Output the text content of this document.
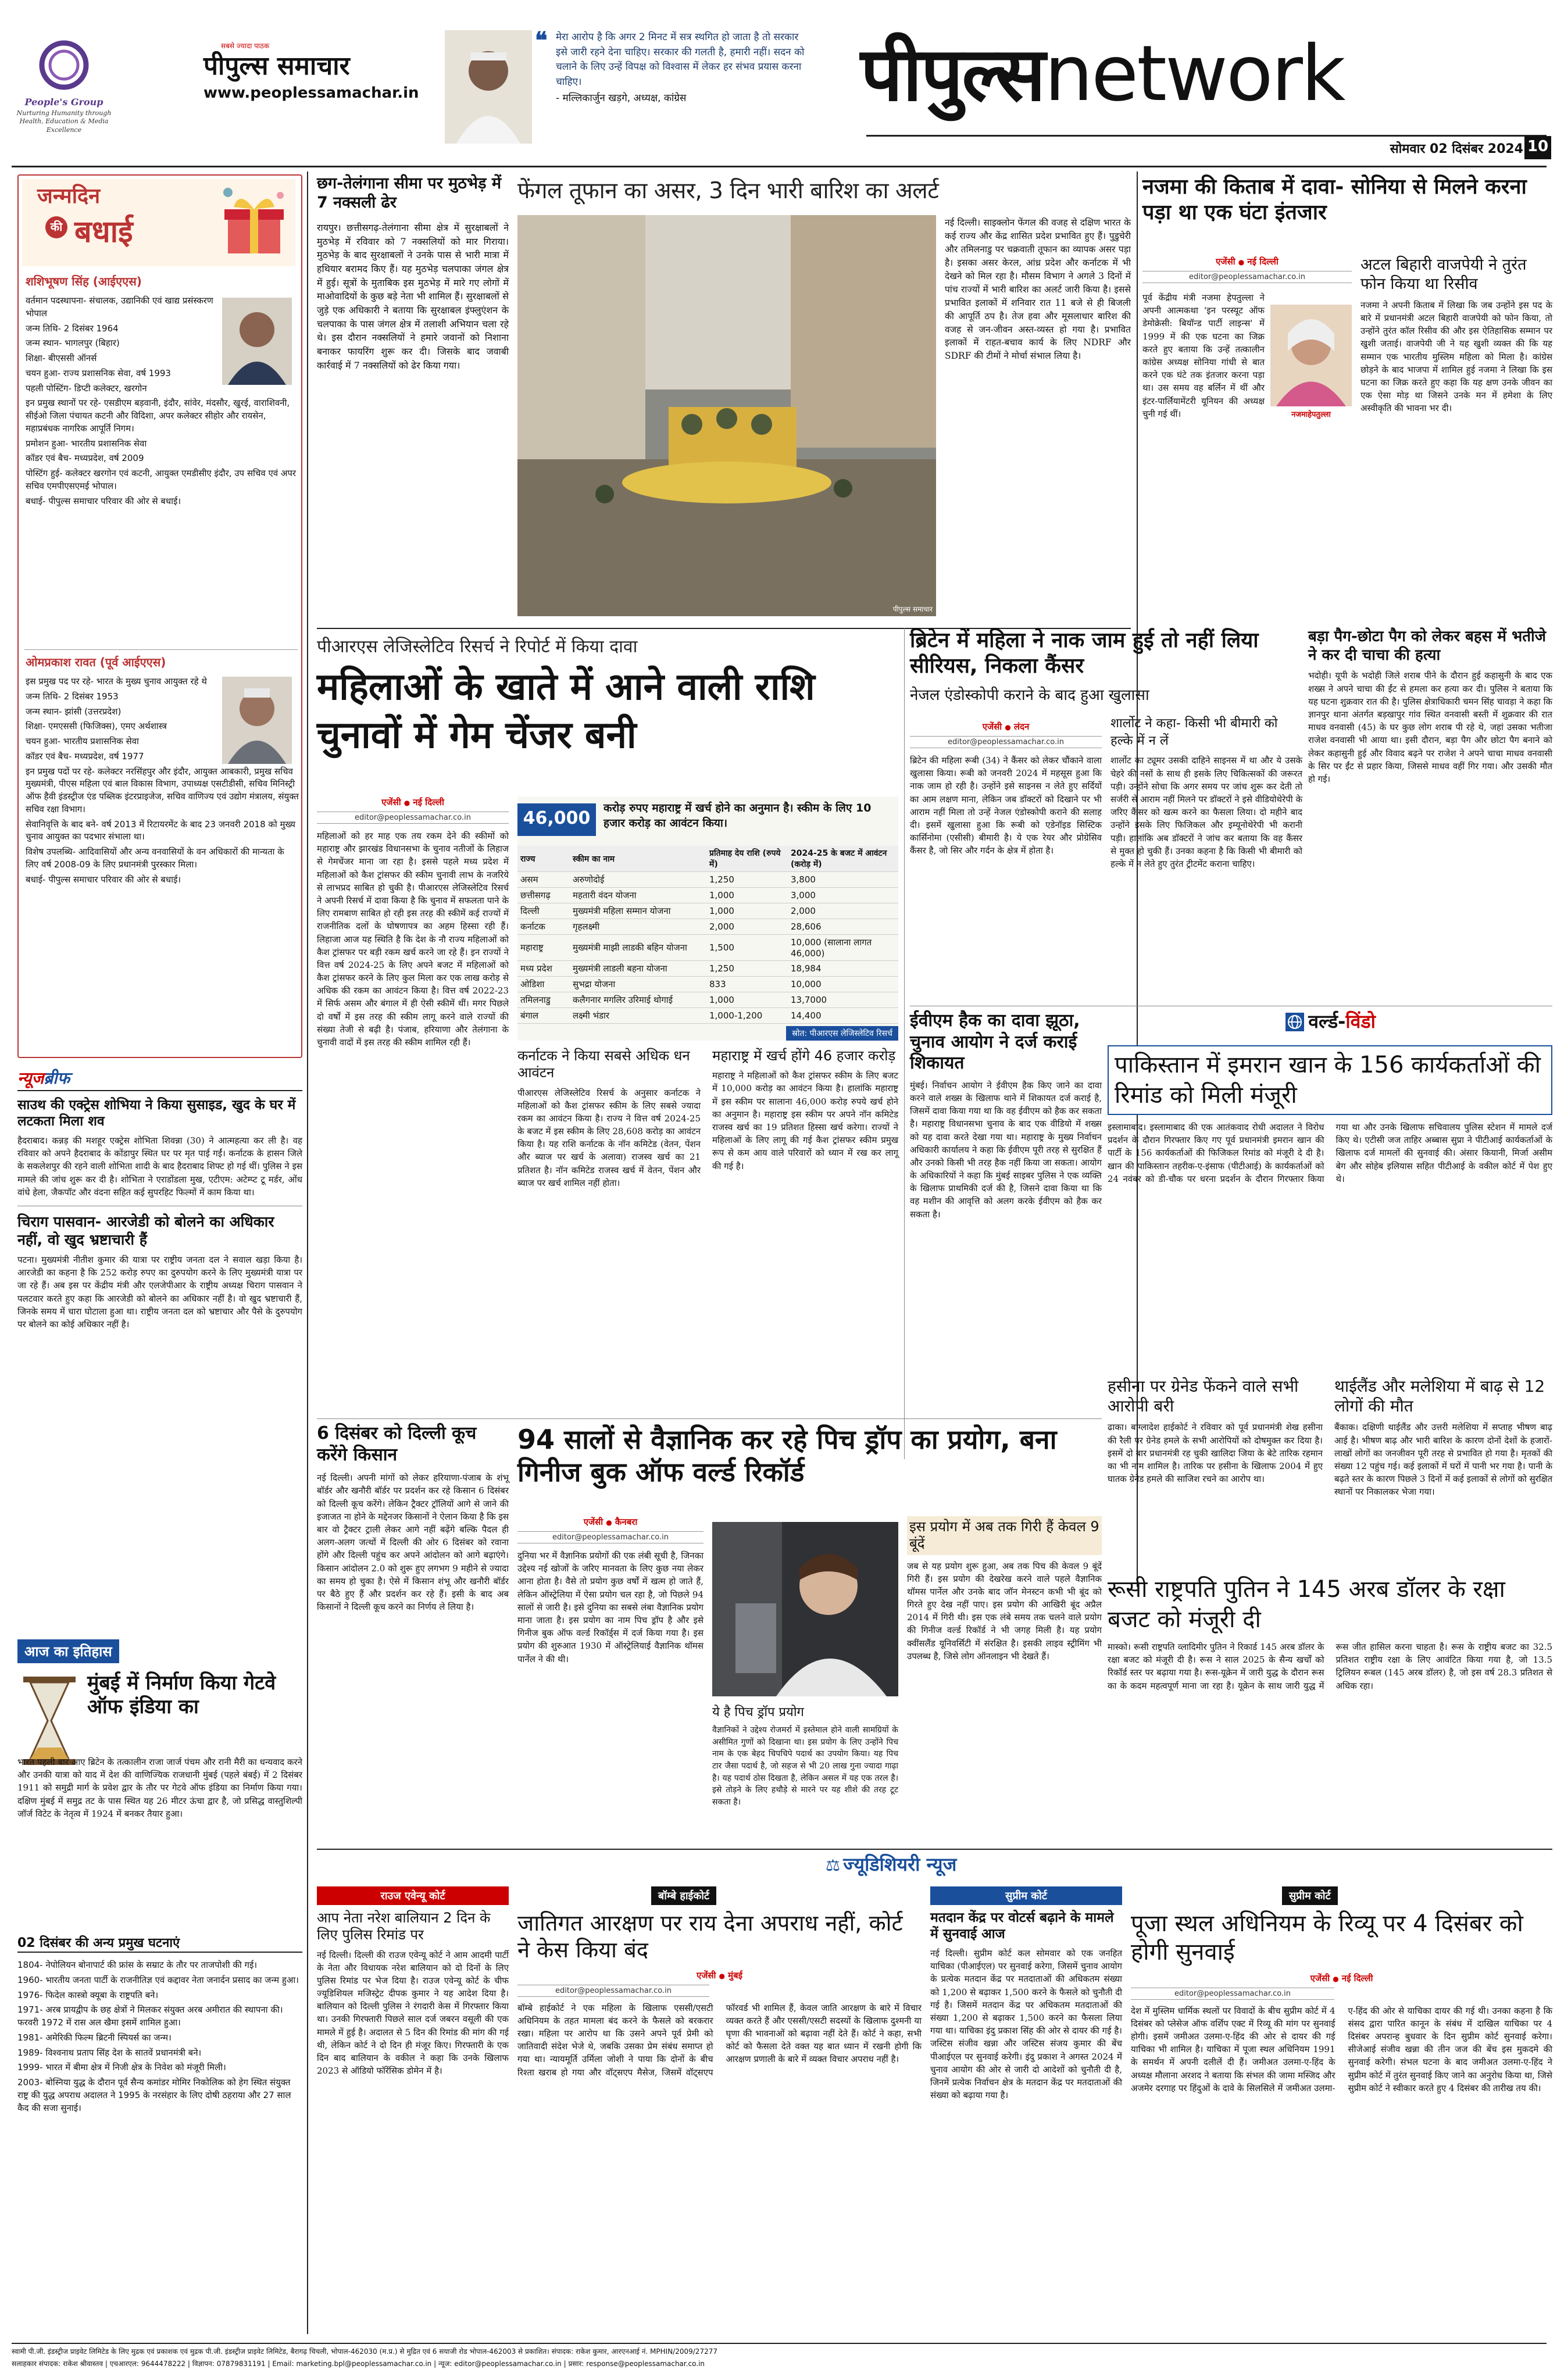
People's Group
Nurturing Humanity through Health, Education & Media Excellence
सबसे ज्यादा पाठक
पीपुल्स समाचार
www.peoplessamachar.in
❝ मेरा आरोप है कि अगर 2 मिनट में सत्र स्थगित हो जाता है तो सरकार इसे जारी रहने देना चाहिए। सरकार की गलती है, हमारी नहीं। सदन को चलाने के लिए उन्हें विपक्ष को विश्वास में लेकर हर संभव प्रयास करना चाहिए।
- मल्लिकार्जुन खड़गे, अध्यक्ष, कांग्रेस	पीपुल्सnetwork
सोमवार 02 दिसंबर 2024 10
जन्मदिन
की बधाई
शशिभूषण सिंह (आईएएस)
वर्तमान पदस्थापना- संचालक, उद्यानिकी एवं खाद्य प्रसंस्करण भोपाल
जन्म तिथि- 2 दिसंबर 1964
जन्म स्थान- भागलपुर (बिहार)
शिक्षा- बीएससी ऑनर्स
चयन हुआ- राज्य प्रशासनिक सेवा, वर्ष 1993
पहली पोस्टिंग- डिप्टी कलेक्टर, खरगोन
इन प्रमुख स्थानों पर रहे- एसडीएम बड़वानी, इंदौर, सांवेर, मंदसौर, खुरई, वाराशिवनी, सीईओ जिला पंचायत कटनी और विदिशा, अपर कलेक्टर सीहोर और रायसेन, महाप्रबंधक नागरिक आपूर्ति निगम।
प्रमोशन हुआ- भारतीय प्रशासनिक सेवा
कॉडर एवं बैच- मध्यप्रदेश, वर्ष 2009
पोस्टिंग हुई- कलेक्टर खरगोन एवं कटनी, आयुक्त एमडीसीए इंदौर, उप सचिव एवं अपर सचिव एमपीएसएमई भोपाल।
बधाई- पीपुल्स समाचार परिवार की ओर से बधाई।
ओमप्रकाश रावत (पूर्व आईएएस)
इस प्रमुख पद पर रहे- भारत के मुख्य चुनाव आयुक्त रहे थे
जन्म तिथि- 2 दिसंबर 1953
जन्म स्थान- झांसी (उत्तरप्रदेश)
शिक्षा- एमएससी (फिजिक्स), एमए अर्थशास्त्र
चयन हुआ- भारतीय प्रशासनिक सेवा
कॉडर एवं बैच- मध्यप्रदेश, वर्ष 1977
इन प्रमुख पदों पर रहे- कलेक्टर नरसिंहपुर और इंदौर, आयुक्त आबकारी, प्रमुख सचिव मुख्यमंत्री, पीएस महिला एवं बाल विकास विभाग, उपाध्यक्ष एसटीडीसी, सचिव मिनिस्ट्री ऑफ हैवी इंडस्ट्रीज एंड पब्लिक इंटरप्राइजेज, सचिव वाणिज्य एवं उद्योग मंत्रालय, संयुक्त सचिव रक्षा विभाग।
सेवानिवृत्ति के बाद बने- वर्ष 2013 में रिटायरमेंट के बाद 23 जनवरी 2018 को मुख्य चुनाव आयुक्त का पदभार संभाला था।
विशेष उपलब्धि- आदिवासियों और अन्य वनवासियों के वन अधिकारों की मान्यता के लिए वर्ष 2008-09 के लिए प्रधानमंत्री पुरस्कार मिला।
बधाई- पीपुल्स समाचार परिवार की ओर से बधाई।
न्यूजब्रीफ
साउथ की एक्ट्रेस शोभिया ने किया सुसाइड, खुद के घर में लटकता मिला शव
हैदराबाद। कन्नड़ की मशहूर एक्ट्रेस शोभिता शिवन्ना (30) ने आत्महत्या कर ली है। वह रविवार को अपने हैदराबाद के कोंडापुर स्थित घर पर मृत पाई गईं। कर्नाटक के हासन जिले के सकलेशपुर की रहने वाली शोभिता शादी के बाद हैदराबाद शिफ्ट हो गई थीं। पुलिस ने इस मामले की जांच शुरू कर दी है। शोभिता ने एराडोंडला मुख, एटीएम: अटेम्प्ट टू मर्डर, ओंध वांधे हेला, जैकपॉट और वंदना सहित कई सुपरहिट फिल्मों में काम किया था।
चिराग पासवान- आरजेडी को बोलने का अधिकार नहीं, वो खुद भ्रष्टाचारी हैं
पटना। मुख्यमंत्री नीतीश कुमार की यात्रा पर राष्ट्रीय जनता दल ने सवाल खड़ा किया है। आरजेडी का कहना है कि 252 करोड़ रुपए का दुरुपयोग करने के लिए मुख्यमंत्री यात्रा पर जा रहे हैं। अब इस पर केंद्रीय मंत्री और एलजेपीआर के राष्ट्रीय अध्यक्ष चिराग पासवान ने पलटवार करते हुए कहा कि आरजेडी को बोलने का अधिकार नहीं है। वो खुद भ्रष्टाचारी हैं, जिनके समय में चारा घोटाला हुआ था। राष्ट्रीय जनता दल को भ्रष्टाचार और पैसे के दुरुपयोग पर बोलने का कोई अधिकार नहीं है।
आज का इतिहास
मुंबई में निर्माण किया गेटवे ऑफ इंडिया का
भारत पहली बार आए ब्रिटेन के तत्कालीन राजा जार्ज पंचम और रानी मैरी का धन्यवाद करने और उनकी यात्रा को याद में देश की वाणिज्यिक राजधानी मुंबई (पहले बंबई) में 2 दिसंबर 1911 को समुद्री मार्ग के प्रवेश द्वार के तौर पर गेटवे ऑफ इंडिया का निर्माण किया गया। दक्षिण मुंबई में समुद्र तट के पास स्थित यह 26 मीटर ऊंचा द्वार है, जो प्रसिद्ध वास्तुशिल्पी जॉर्ज विटेट के नेतृत्व में 1924 में बनकर तैयार हुआ।
02 दिसंबर की अन्य प्रमुख घटनाएं
1804- नेपोलियन बोनापार्ट की फ्रांस के सम्राट के तौर पर ताजपोशी की गई।
1960- भारतीय जनता पार्टी के राजनीतिज्ञ एवं कद्दावर नेता जनार्दन प्रसाद का जन्म हुआ।
1976- फिदेल कास्त्रो क्यूबा के राष्ट्रपति बने।
1971- अरब प्रायद्वीप के छह क्षेत्रों ने मिलकर संयुक्त अरब अमीरात की स्थापना की। फरवरी 1972 में रास अल खैमा इसमें शामिल हुआ।
1981- अमेरिकी फिल्म ब्रिटनी स्पियर्स का जन्म।
1989- विश्वनाथ प्रताप सिंह देश के सातवें प्रधानमंत्री बने।
1999- भारत में बीमा क्षेत्र में निजी क्षेत्र के निवेश को मंजूरी मिली।
2003- बोस्निया युद्ध के दौरान पूर्व सैन्य कमांडर मोमिर निकोलिक को हेग स्थित संयुक्त राष्ट्र की युद्ध अपराध अदालत ने 1995 के नरसंहार के लिए दोषी ठहराया और 27 साल कैद की सजा सुनाई।
छग-तेलंगाना सीमा पर मुठभेड़ में 7 नक्सली ढेर
रायपुर। छत्तीसगढ़-तेलंगाना सीमा क्षेत्र में सुरक्षाबलों ने मुठभेड़ में रविवार को 7 नक्सलियों को मार गिराया। मुठभेड़ के बाद सुरक्षाबलों ने उनके पास से भारी मात्रा में हथियार बरामद किए हैं। यह मुठभेड़ चलपाका जंगल क्षेत्र में हुई। सूत्रों के मुताबिक इस मुठभेड़ में मारे गए लोगों में माओवादियों के कुछ बड़े नेता भी शामिल हैं। सुरक्षाबलों से जुड़े एक अधिकारी ने बताया कि सुरक्षाबल इंफ्लुएंशन के चलपाका के पास जंगल क्षेत्र में तलाशी अभियान चला रहे थे। इस दौरान नक्सलियों ने हमारे जवानों को निशाना बनाकर फायरिंग शुरू कर दी। जिसके बाद जवाबी कार्रवाई में 7 नक्सलियों को ढेर किया गया।
फेंगल तूफान का असर, 3 दिन भारी बारिश का अलर्ट
पीपुल्स समाचार
नई दिल्ली। साइक्लोन फेंगल की वजह से दक्षिण भारत के कई राज्य और केंद्र शासित प्रदेश प्रभावित हुए हैं। पुडुचेरी और तमिलनाडु पर चक्रवाती तूफान का व्यापक असर पड़ा है। इसका असर केरल, आंध्र प्रदेश और कर्नाटक में भी देखने को मिल रहा है। मौसम विभाग ने अगले 3 दिनों में पांच राज्यों में भारी बारिश का अलर्ट जारी किया है। इससे प्रभावित इलाकों में शनिवार रात 11 बजे से ही बिजली की आपूर्ति ठप है। तेज हवा और मूसलाधार बारिश की वजह से जन-जीवन अस्त-व्यस्त हो गया है। प्रभावित इलाकों में राहत-बचाव कार्य के लिए NDRF और SDRF की टीमों ने मोर्चा संभाल लिया है।
नजमा की किताब में दावा- सोनिया से मिलने करना पड़ा था एक घंटा इंतजार
एजेंसी ● नई दिल्ली
editor@peoplessamachar.co.in
नजमाहेपतुल्ला
पूर्व केंद्रीय मंत्री नजमा हेपतुल्ला ने अपनी आत्मकथा 'इन परस्यूट ऑफ डेमोक्रेसी: बियॉन्ड पार्टी लाइन्स' में 1999 में की एक घटना का जिक्र करते हुए बताया कि उन्हें तत्कालीन कांग्रेस अध्यक्ष सोनिया गांधी से बात करने एक घंटे तक इंतजार करना पड़ा था। उस समय वह बर्लिन में थीं और इंटर-पार्लियामेंटरी यूनियन की अध्यक्ष चुनी गई थीं।
अटल बिहारी वाजपेयी ने तुरंत फोन किया था रिसीव
नजमा ने अपनी किताब में लिखा कि जब उन्होंने इस पद के बारे में प्रधानमंत्री अटल बिहारी वाजपेयी को फोन किया, तो उन्होंने तुरंत कॉल रिसीव की और इस ऐतिहासिक सम्मान पर खुशी जताई। वाजपेयी जी ने यह खुशी व्यक्त की कि यह सम्मान एक भारतीय मुस्लिम महिला को मिला है। कांग्रेस छोड़ने के बाद भाजपा में शामिल हुई नजमा ने लिखा कि इस घटना का जिक्र करते हुए कहा कि यह क्षण उनके जीवन का एक ऐसा मोड़ था जिसने उनके मन में हमेशा के लिए अस्वीकृति की भावना भर दी।
पीआरएस लेजिस्लेटिव रिसर्च ने रिपोर्ट में किया दावा
महिलाओं के खाते में आने वाली राशि चुनावों में गेम चेंजर बनी
एजेंसी ● नई दिल्ली
editor@peoplessamachar.co.in
महिलाओं को हर माह एक तय रकम देने की स्कीमों को महाराष्ट्र और झारखंड विधानसभा के चुनाव नतीजों के लिहाज से गेमचेंजर माना जा रहा है। इससे पहले मध्य प्रदेश में महिलाओं को कैश ट्रांसफर की स्कीम चुनावी लाभ के नजरिये से लाभप्रद साबित हो चुकी है। पीआरएस लेजिस्लेटिव रिसर्च ने अपनी रिसर्च में दावा किया है कि चुनाव में सफलता पाने के लिए रामबाण साबित हो रही इस तरह की स्कीमें कई राज्यों में राजनीतिक दलों के घोषणापत्र का अहम हिस्सा रही हैं। लिहाजा आज यह स्थिति है कि देश के नौ राज्य महिलाओं को कैश ट्रांसफर पर बड़ी रकम खर्च करने जा रहे हैं। इन राज्यों ने वित्त वर्ष 2024-25 के लिए अपने बजट में महिलाओं को कैश ट्रांसफर करने के लिए कुल मिला कर एक लाख करोड़ से अधिक की रकम का आवंटन किया है। वित्त वर्ष 2022-23 में सिर्फ असम और बंगाल में ही ऐसी स्कीमें थीं। मगर पिछले दो वर्षों में इस तरह की स्कीम लागू करने वाले राज्यों की संख्या तेजी से बढ़ी है। पंजाब, हरियाणा और तेलंगाना के चुनावी वादों में इस तरह की स्कीम शामिल रही हैं।
46,000	करोड़ रुपए महाराष्ट्र में खर्च होने का अनुमान है। स्कीम के लिए 10 हजार करोड़ का आवंटन किया।
राज्य	स्कीम का नाम	प्रतिमाह देय राशि (रुपये में)	2024-25 के बजट में आवंटन (करोड़ में)
असम	अरुणोदोई	1,250	3,800
छत्तीसगढ़	महतारी वंदन योजना	1,000	3,000
दिल्ली	मुख्यमंत्री महिला सम्मान योजना	1,000	2,000
कर्नाटक	गृहलक्ष्मी	2,000	28,606
महाराष्ट्र	मुख्यमंत्री माझी लाडकी बहिन योजना	1,500	10,000 (सालाना लागत 46,000)
मध्य प्रदेश	मुख्यमंत्री लाडली बहना योजना	1,250	18,984
ओडिशा	सुभद्रा योजना	833	10,000
तमिलनाडु	कलैगनार मगलिर उरिमाई थोगाई	1,000	13,7000
बंगाल	लक्ष्मी भंडार	1,000-1,200	14,400
स्रोत: पीआरएस लेजिस्लेटिव रिसर्च
कर्नाटक ने किया सबसे अधिक धन आवंटन
पीआरएस लेजिस्लेटिव रिसर्च के अनुसार कर्नाटक ने महिलाओं को कैश ट्रांसफर स्कीम के लिए सबसे ज्यादा रकम का आवंटन किया है। राज्य ने वित्त वर्ष 2024-25 के बजट में इस स्कीम के लिए 28,608 करोड़ का आवंटन किया है। यह राशि कर्नाटक के नॉन कमिटेड (वेतन, पेंशन और ब्याज पर खर्च के अलावा) राजस्व खर्च का 21 प्रतिशत है। नॉन कमिटेड राजस्व खर्च में वेतन, पेंशन और ब्याज पर खर्च शामिल नहीं होता।
महाराष्ट्र में खर्च होंगे 46 हजार करोड़
महाराष्ट्र ने महिलाओं को कैश ट्रांसफर स्कीम के लिए बजट में 10,000 करोड़ का आवंटन किया है। हालांकि महाराष्ट्र में इस स्कीम पर सालाना 46,000 करोड़ रुपये खर्च होने का अनुमान है। महाराष्ट्र इस स्कीम पर अपने नॉन कमिटेड राजस्व खर्च का 19 प्रतिशत हिस्सा खर्च करेगा। राज्यों ने महिलाओं के लिए लागू की गई कैश ट्रांसफर स्कीम प्रमुख रूप से कम आय वाले परिवारों को ध्यान में रख कर लागू की गई है।
ब्रिटेन में महिला ने नाक जाम हुई तो नहीं लिया सीरियस, निकला कैंसर
नेजल एंडोस्कोपी कराने के बाद हुआ खुलासा
एजेंसी ● लंदन
editor@peoplessamachar.co.in
ब्रिटेन की महिला रूबी (34) ने कैंसर को लेकर चौंकाने वाला खुलासा किया। रूबी को जनवरी 2024 में महसूस हुआ कि नाक जाम हो रही है। उन्होंने इसे साइनस न लेते हुए सर्दियों का आम लक्षण माना, लेकिन जब डॉक्टरों को दिखाने पर भी आराम नहीं मिला तो उन्हें नेजल एंडोस्कोपी कराने की सलाह दी। इसमें खुलासा हुआ कि रूबी को एडेनॉइड सिस्टिक कार्सिनोमा (एसीसी) बीमारी है। ये एक रेयर और प्रोग्रेसिव कैंसर है, जो सिर और गर्दन के क्षेत्र में होता है।
शार्लोट ने कहा- किसी भी बीमारी को हल्के में न लें
शार्लोट का ट्यूमर उसकी दाहिने साइनस में था और ये उसके चेहरे की नसों के साथ ही इसके लिए चिकित्सकों की जरूरत पड़ी। उन्होंने सोचा कि अगर समय पर जांच शुरू कर देती तो सर्जरी से आराम नहीं मिलने पर डॉक्टरों ने इसे वीडियोथेरेपी के जरिए कैंसर को खत्म करने का फैसला लिया। दो महीने बाद उन्होंने इसके लिए फिजिकल और इम्यूनोथेरेपी भी करानी पड़ी। हालांकि अब डॉक्टरों ने जांच कर बताया कि वह कैंसर से मुक्त हो चुकी हैं। उनका कहना है कि किसी भी बीमारी को हल्के में न लेते हुए तुरंत ट्रीटमेंट कराना चाहिए।
बड़ा पैग-छोटा पैग को लेकर बहस में भतीजे ने कर दी चाचा की हत्या
भदोही। यूपी के भदोही जिले शराब पीने के दौरान हुई कहासुनी के बाद एक शख्स ने अपने चाचा की ईंट से हमला कर हत्या कर दी। पुलिस ने बताया कि यह घटना शुक्रवार रात की है। पुलिस क्षेत्राधिकारी चमन सिंह चावड़ा ने कहा कि ज्ञानपुर थाना अंतर्गत बड़खापुर गांव स्थित वनवासी बस्ती में शुक्रवार की रात माधव वनवासी (45) के घर कुछ लोग शराब पी रहे थे, जहां उसका भतीजा राजेश वनवासी भी आया था। इसी दौरान, बड़ा पैग और छोटा पैग बनाने को लेकर कहासुनी हुई और विवाद बढ़ने पर राजेश ने अपने चाचा माधव वनवासी के सिर पर ईंट से प्रहार किया, जिससे माधव वहीं गिर गया। और उसकी मौत हो गई।
ईवीएम हैक का दावा झूठा, चुनाव आयोग ने दर्ज कराई शिकायत
मुंबई। निर्वाचन आयोग ने ईवीएम हैक किए जाने का दावा करने वाले शख्स के खिलाफ थाने में शिकायत दर्ज कराई है, जिसमें दावा किया गया था कि वह ईवीएम को हैक कर सकता है। महाराष्ट्र विधानसभा चुनाव के बाद एक वीडियो में शख्स को यह दावा करते देखा गया था। महाराष्ट्र के मुख्य निर्वाचन अधिकारी कार्यालय ने कहा कि ईवीएम पूरी तरह से सुरक्षित हैं और उनको किसी भी तरह हैक नहीं किया जा सकता। आयोग के अधिकारियों ने कहा कि मुंबई साइबर पुलिस ने एक व्यक्ति के खिलाफ प्राथमिकी दर्ज की है, जिसने दावा किया था कि वह मशीन की आवृत्ति को अलग करके ईवीएम को हैक कर सकता है।
वर्ल्ड-विंडो
पाकिस्तान में इमरान खान के 156 कार्यकर्ताओं की रिमांड को मिली मंजूरी
इस्लामाबाद। इस्लामाबाद की एक आतंकवाद रोधी अदालत ने विरोध प्रदर्शन के दौरान गिरफ्तार किए गए पूर्व प्रधानमंत्री इमरान खान की पार्टी के 156 कार्यकर्ताओं की फिजिकल रिमांड को मंजूरी दे दी है। खान की पाकिस्तान तहरीक-ए-इंसाफ (पीटीआई) के कार्यकर्ताओं को 24 नवंबर को डी-चौक पर धरना प्रदर्शन के दौरान गिरफ्तार किया गया था और उनके खिलाफ सचिवालय पुलिस स्टेशन में मामले दर्ज किए थे। एटीसी जज ताहिर अब्बास सुप्रा ने पीटीआई कार्यकर्ताओं के खिलाफ दर्ज मामलों की सुनवाई की। अंसार कियानी, मिर्जा असीम बेग और सोहेब इलियास सहित पीटीआई के वकील कोर्ट में पेश हुए थे।
हसीना पर ग्रेनेड फेंकने वाले सभी आरोपी बरी
ढाका। बांग्लादेश हाईकोर्ट ने रविवार को पूर्व प्रधानमंत्री शेख हसीना की रैली पर ग्रेनेड हमले के सभी आरोपियों को दोषमुक्त कर दिया है। इसमें दो बार प्रधानमंत्री रह चुकी खालिदा जिया के बेटे तारिक रहमान का भी नाम शामिल है। तारिक पर हसीना के खिलाफ 2004 में हुए घातक ग्रेनेड हमले की साजिश रचने का आरोप था।
थाईलैंड और मलेशिया में बाढ़ से 12 लोगों की मौत
बैंकाक। दक्षिणी थाईलैंड और उत्तरी मलेशिया में सप्ताह भीषण बाढ़ आई है। भीषण बाढ़ और भारी बारिश के कारण दोनों देशों के हजारों-लाखों लोगों का जनजीवन पूरी तरह से प्रभावित हो गया है। मृतकों की संख्या 12 पहुंच गई। कई इलाकों में घरों में पानी भर गया है। पानी के बढ़ते स्तर के कारण पिछले 3 दिनों में कई इलाकों से लोगों को सुरक्षित स्थानों पर निकालकर भेजा गया।
रूसी राष्ट्रपति पुतिन ने 145 अरब डॉलर के रक्षा बजट को मंजूरी दी
मास्को। रूसी राष्ट्रपति व्लादिमीर पुतिन ने रिकार्ड 145 अरब डॉलर के रक्षा बजट को मंजूरी दी है। रूस ने साल 2025 के सैन्य खर्चों को रिकॉर्ड स्तर पर बढ़ाया गया है। रूस-यूक्रेन में जारी युद्ध के दौरान रूस का के कदम महत्वपूर्ण माना जा रहा है। यूक्रेन के साथ जारी युद्ध में रूस जीत हासिल करना चाहता है। रूस के राष्ट्रीय बजट का 32.5 प्रतिशत राष्ट्रीय रक्षा के लिए आवंटित किया गया है, जो 13.5 ट्रिलियन रूबल (145 अरब डॉलर) है, जो इस वर्ष 28.3 प्रतिशत से अधिक रहा।
6 दिसंबर को दिल्ली कूच करेंगे किसान
नई दिल्ली। अपनी मांगों को लेकर हरियाणा-पंजाब के शंभू बॉर्डर और खनौरी बॉर्डर पर प्रदर्शन कर रहे किसान 6 दिसंबर को दिल्ली कूच करेंगे। लेकिन ट्रैक्टर ट्रॉलियों आगे से जाने की इजाजत ना होने के मद्देनजर किसानों ने ऐलान किया है कि इस बार वो ट्रैक्टर ट्राली लेकर आगे नहीं बढ़ेंगे बल्कि पैदल ही अलग-अलग जत्थों में दिल्ली की ओर 6 दिसंबर को रवाना होंगे और दिल्ली पहुंच कर अपने आंदोलन को आगे बढ़ाएंगे। किसान आंदोलन 2.0 को शुरू हुए लगभग 9 महीने से ज्यादा का समय हो चुका है। ऐसे में किसान शंभू और खनौरी बॉर्डर पर बैठे हुए हैं और प्रदर्शन कर रहे हैं। इसी के बाद अब किसानों ने दिल्ली कूच करने का निर्णय ले लिया है।
94 सालों से वैज्ञानिक कर रहे पिच ड्रॉप का प्रयोग, बना गिनीज बुक ऑफ वर्ल्ड रिकॉर्ड
एजेंसी ● कैनबरा
editor@peoplessamachar.co.in
दुनिया भर में वैज्ञानिक प्रयोगों की एक लंबी सूची है, जिनका उद्देश्य नई खोजों के जरिए मानवता के लिए कुछ नया लेकर आना होता है। वैसे तो प्रयोग कुछ वर्षों में खत्म हो जाते हैं, लेकिन ऑस्ट्रेलिया में ऐसा प्रयोग चल रहा है, जो पिछले 94 सालों से जारी है। इसे दुनिया का सबसे लंबा वैज्ञानिक प्रयोग माना जाता है। इस प्रयोग का नाम पिच ड्रॉप है और इसे गिनीज बुक ऑफ वर्ल्ड रिकॉर्ड्स में दर्ज किया गया है। इस प्रयोग की शुरुआत 1930 में ऑस्ट्रेलियाई वैज्ञानिक थॉमस पार्नेल ने की थी।
ये है पिच ड्रॉप प्रयोग
वैज्ञानिकों ने उद्देश्य रोजमर्रा में इस्तेमाल होने वाली सामग्रियों के असीमित गुणों को दिखाना था। इस प्रयोग के लिए उन्होंने पिच नाम के एक बेहद चिपचिपे पदार्थ का उपयोग किया। यह पिच टार जैसा पदार्थ है, जो सहज से भी 20 लाख गुना ज्यादा गाढ़ा है। यह पदार्थ ठोस दिखता है, लेकिन असल में यह एक तरल है। इसे तोड़ने के लिए हथौड़े से मारने पर यह शीशे की तरह टूट सकता है।
इस प्रयोग में अब तक गिरी हैं केवल 9 बूंदें
जब से यह प्रयोग शुरू हुआ, अब तक पिच की केवल 9 बूंदें गिरी हैं। इस प्रयोग की देखरेख करने वाले पहले वैज्ञानिक थॉमस पार्नेल और उनके बाद जॉन मेनस्टन कभी भी बूंद को गिरते हुए देख नहीं पाए। इस प्रयोग की आखिरी बूंद अप्रैल 2014 में गिरी थी। इस एक लंबे समय तक चलने वाले प्रयोग की गिनीज वर्ल्ड रिकॉर्ड ने भी जगह मिली है। यह प्रयोग क्वींसलैंड यूनिवर्सिटी में संरक्षित है। इसकी लाइव स्ट्रीमिंग भी उपलब्ध है, जिसे लोग ऑनलाइन भी देखते हैं।
⚖ ज्यूडिशियरी न्यूज
राउज एवेन्यू कोर्ट
आप नेता नरेश बालियान 2 दिन के लिए पुलिस रिमांड पर
नई दिल्ली। दिल्ली की राउज एवेन्यू कोर्ट ने आम आदमी पार्टी के नेता और विधायक नरेश बालियान को दो दिनों के लिए पुलिस रिमांड पर भेज दिया है। राउज एवेन्यू कोर्ट के चीफ ज्यूडिशियल मजिस्ट्रेट दीपक कुमार ने यह आदेश दिया है। बालियान को दिल्ली पुलिस ने रंगदारी केस में गिरफ्तार किया था। उनकी गिरफ्तारी पिछले साल दर्ज जबरन वसूली की एक मामले में हुई है। अदालत से 5 दिन की रिमांड की मांग की गई थी, लेकिन कोर्ट ने दो दिन ही मंजूर किए। गिरफ्तारी के एक दिन बाद बालियान के वकील ने कहा कि उनके खिलाफ 2023 से ऑडियो फॉरेंसिक डोमेन में है।
बॉम्बे हाईकोर्ट
जातिगत आरक्षण पर राय देना अपराध नहीं, कोर्ट ने केस किया बंद
एजेंसी ● मुंबई
editor@peoplessamachar.co.in
बॉम्बे हाईकोर्ट ने एक महिला के खिलाफ एससी/एसटी अधिनियम के तहत मामला बंद करने के फैसले को बरकरार रखा। महिला पर आरोप था कि उसने अपने पूर्व प्रेमी को जातिवादी संदेश भेजे थे, जबकि उसका प्रेम संबंध समाप्त हो गया था। न्यायमूर्ति उर्मिला जोशी ने पाया कि दोनों के बीच रिश्ता खराब हो गया और वॉट्सएप मैसेज, जिसमें वॉट्सएप फॉरवर्ड भी शामिल हैं, केवल जाति आरक्षण के बारे में विचार व्यक्त करते हैं और एससी/एसटी सदस्यों के खिलाफ दुश्मनी या घृणा की भावनाओं को बढ़ावा नहीं देते हैं। कोर्ट ने कहा, सभी कोर्ट को फैसला देते वक्त यह बात ध्यान में रखनी होगी कि आरक्षण प्रणाली के बारे में व्यक्त विचार अपराध नहीं है।
सुप्रीम कोर्ट
मतदान केंद्र पर वोटर्स बढ़ाने के मामले में सुनवाई आज
नई दिल्ली। सुप्रीम कोर्ट कल सोमवार को एक जनहित याचिका (पीआईएल) पर सुनवाई करेगा, जिसमें चुनाव आयोग के प्रत्येक मतदान केंद्र पर मतदाताओं की अधिकतम संख्या को 1,200 से बढ़ाकर 1,500 करने के फैसले को चुनौती दी गई है। जिसमें मतदान केंद्र पर अधिकतम मतदाताओं की संख्या 1,200 से बढ़ाकर 1,500 करने का फैसला लिया गया था। याचिका इंदु प्रकाश सिंह की ओर से दायर की गई है। जस्टिस संजीव खन्ना और जस्टिस संजय कुमार की बेंच पीआईएल पर सुनवाई करेगी। इंदु प्रकाश ने अगस्त 2024 में चुनाव आयोग की ओर से जारी दो आदेशों को चुनौती दी है, जिनमें प्रत्येक निर्वाचन क्षेत्र के मतदान केंद्र पर मतदाताओं की संख्या को बढ़ाया गया है।
सुप्रीम कोर्ट
पूजा स्थल अधिनियम के रिव्यू पर 4 दिसंबर को होगी सुनवाई
एजेंसी ● नई दिल्ली
editor@peoplessamachar.co.in
देश में मुस्लिम धार्मिक स्थलों पर विवादों के बीच सुप्रीम कोर्ट में 4 दिसंबर को प्लेसेज ऑफ वर्शिप एक्ट में रिव्यू की मांग पर सुनवाई होगी। इसमें जमीअत उलमा-ए-हिंद की ओर से दायर की गई याचिका भी शामिल है। याचिका में पूजा स्थल अधिनियम 1991 के समर्थन में अपनी दलीलें दी हैं। जमीअत उलमा-ए-हिंद के अध्यक्ष मौलाना अरशद ने बताया कि संभल की जामा मस्जिद और अजमेर दरगाह पर हिंदुओं के दावे के सिलसिले में जमीअत उलमा-ए-हिंद की ओर से याचिका दायर की गई थी। उनका कहना है कि संसद द्वारा पारित कानून के संबंध में दाखिल याचिका पर 4 दिसंबर अपरान्ह बुधवार के दिन सुप्रीम कोर्ट सुनवाई करेगा। सीजेआई संजीव खन्ना की तीन जज की बेंच इस मुकदमे की सुनवाई करेगी। संभल घटना के बाद जमीअत उलमा-ए-हिंद ने सुप्रीम कोर्ट में तुरंत सुनवाई किए जाने का अनुरोध किया था, जिसे सुप्रीम कोर्ट ने स्वीकार करते हुए 4 दिसंबर की तारीख तय की।
स्वामी पी.जी. इंडस्ट्रीज प्राइवेट लिमिटेड के लिए मुद्रक एवं प्रकाशक एवं मुद्रक पी.जी. इंडस्ट्रीज प्राइवेट लिमिटेड, बैरागढ़ चिचली, भोपाल-462030 (म.प्र.) से मुद्रित एवं 6 सयाजी रोड भोपाल-462003 से प्रकाशित। संपादक: राकेश कुमार, आरएनआई नं. MPHIN/2009/27277
सलाहकार संपादक: राकेश श्रीवास्तव | एचआरएल: 9644478222 | विज्ञापन: 07879831191 | Email: marketing.bpl@peoplessamachar.co.in | न्यूज: editor@peoplessamachar.co.in | प्रसार: response@peoplessamachar.co.in
